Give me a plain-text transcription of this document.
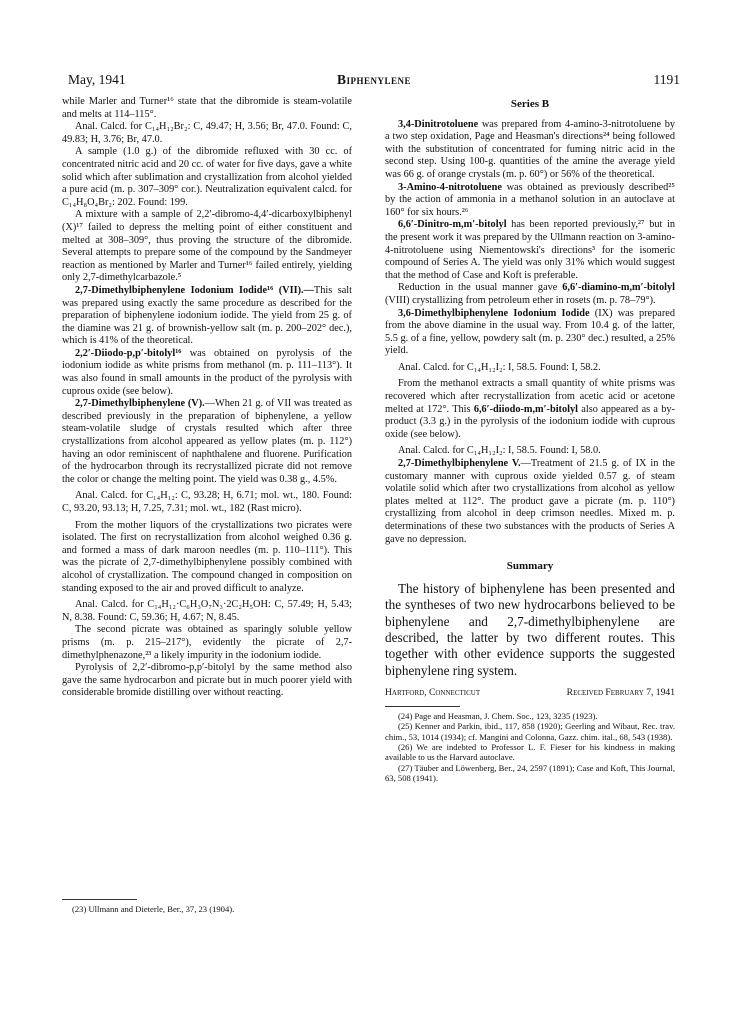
May, 1941	Biphenylene	1191

while Marler and Turner¹⁶ state that the dibromide is steam-volatile and melts at 114–115°.

Anal. Calcd. for C₁₄H₁₂Br₂: C, 49.47; H, 3.56; Br, 47.0. Found: C, 49.83; H, 3.76; Br, 47.0.

A sample (1.0 g.) of the dibromide refluxed with 30 cc. of concentrated nitric acid and 20 cc. of water for five days, gave a white solid which after sublimation and crystallization from alcohol yielded a pure acid (m. p. 307–309° cor.). Neutralization equivalent calcd. for C₁₄H₈O₄Br₂: 202. Found: 199.

A mixture with a sample of 2,2′-dibromo-4,4′-dicarboxylbiphenyl (X)¹⁷ failed to depress the melting point of either constituent and melted at 308–309°, thus proving the structure of the dibromide. Several attempts to prepare some of the compound by the Sandmeyer reaction as mentioned by Marler and Turner¹⁶ failed entirely, yielding only 2,7-dimethylcarbazole.⁵

2,7-Dimethylbiphenylene Iodonium Iodide¹⁶ (VII).—This salt was prepared using exactly the same procedure as described for the preparation of biphenylene iodonium iodide. The yield from 25 g. of the diamine was 21 g. of brownish-yellow salt (m. p. 200–202° dec.), which is 41% of the theoretical.

2,2′-Diiodo-p,p′-bitolyl¹⁶ was obtained on pyrolysis of the iodonium iodide as white prisms from methanol (m. p. 111–113°). It was also found in small amounts in the product of the pyrolysis with cuprous oxide (see below).

2,7-Dimethylbiphenylene (V).—When 21 g. of VII was treated as described previously in the preparation of biphenylene, a yellow steam-volatile sludge of crystals resulted which after three crystallizations from alcohol appeared as yellow plates (m. p. 112°) having an odor reminiscent of naphthalene and fluorene. Purification of the hydrocarbon through its recrystallized picrate did not remove the color or change the melting point. The yield was 0.38 g., 4.5%.

Anal. Calcd. for C₁₄H₁₂: C, 93.28; H, 6.71; mol. wt., 180. Found: C, 93.20, 93.13; H, 7.25, 7.31; mol. wt., 182 (Rast micro).

From the mother liquors of the crystallizations two picrates were isolated. The first on recrystallization from alcohol weighed 0.36 g. and formed a mass of dark maroon needles (m. p. 110–111°). This was the picrate of 2,7-dimethylbiphenylene possibly combined with alcohol of crystallization. The compound changed in composition on standing exposed to the air and proved difficult to analyze.

Anal. Calcd. for C₁₄H₁₂·C₆H₃O₇N₃·2C₂H₅OH: C, 57.49; H, 5.43; N, 8.38. Found: C, 59.36; H, 4.67; N, 8.45.

The second picrate was obtained as sparingly soluble yellow prisms (m. p. 215–217°), evidently the picrate of 2,7-dimethylphenazone,²³ a likely impurity in the iodonium iodide.

Pyrolysis of 2,2′-dibromo-p,p′-bitolyl by the same method also gave the same hydrocarbon and picrate but in much poorer yield with considerable bromide distilling over without reacting.

(23) Ullmann and Dieterle, Ber., 37, 23 (1904).

Series B

3,4-Dinitrotoluene was prepared from 4-amino-3-nitrotoluene by a two step oxidation, Page and Heasman's directions²⁴ being followed with the substitution of concentrated for fuming nitric acid in the second step. Using 100-g. quantities of the amine the average yield was 66 g. of orange crystals (m. p. 60°) or 56% of the theoretical.

3-Amino-4-nitrotoluene was obtained as previously described²⁵ by the action of ammonia in a methanol solution in an autoclave at 160° for six hours.²⁶

6,6′-Dinitro-m,m′-bitolyl has been reported previously,²⁷ but in the present work it was prepared by the Ullmann reaction on 3-amino-4-nitrotoluene using Niementowski's directions³ for the isomeric compound of Series A. The yield was only 31% which would suggest that the method of Case and Koft is preferable.

Reduction in the usual manner gave 6,6′-diamino-m,m′-bitolyl (VIII) crystallizing from petroleum ether in rosets (m. p. 78–79°).

3,6-Dimethylbiphenylene Iodonium Iodide (IX) was prepared from the above diamine in the usual way. From 10.4 g. of the latter, 5.5 g. of a fine, yellow, powdery salt (m. p. 230° dec.) resulted, a 25% yield.

Anal. Calcd. for C₁₄H₁₂I₂: I, 58.5. Found: I, 58.2.

From the methanol extracts a small quantity of white prisms was recovered which after recrystallization from acetic acid or acetone melted at 172°. This 6,6′-diiodo-m,m′-bitolyl also appeared as a by-product (3.3 g.) in the pyrolysis of the iodonium iodide with cuprous oxide (see below).

Anal. Calcd. for C₁₄H₁₂I₂: I, 58.5. Found: I, 58.0.

2,7-Dimethylbiphenylene V.—Treatment of 21.5 g. of IX in the customary manner with cuprous oxide yielded 0.57 g. of steam volatile solid which after two crystallizations from alcohol as yellow plates melted at 112°. The product gave a picrate (m. p. 110°) crystallizing from alcohol in deep crimson needles. Mixed m. p. determinations of these two substances with the products of Series A gave no depression.

Summary

The history of biphenylene has been presented and the syntheses of two new hydrocarbons believed to be biphenylene and 2,7-dimethylbiphenylene are described, the latter by two different routes. This together with other evidence supports the suggested biphenylene ring system.

Hartford, Connecticut	Received February 7, 1941

(24) Page and Heasman, J. Chem. Soc., 123, 3235 (1923).

(25) Kenner and Parkin, ibid., 117, 858 (1920); Geerling and Wibaut, Rec. trav. chim., 53, 1014 (1934); cf. Mangini and Colonna, Gazz. chim. ital., 68, 543 (1938).

(26) We are indebted to Professor L. F. Fieser for his kindness in making available to us the Harvard autoclave.

(27) Täuber and Löwenberg, Ber., 24, 2597 (1891); Case and Koft, This Journal, 63, 508 (1941).
